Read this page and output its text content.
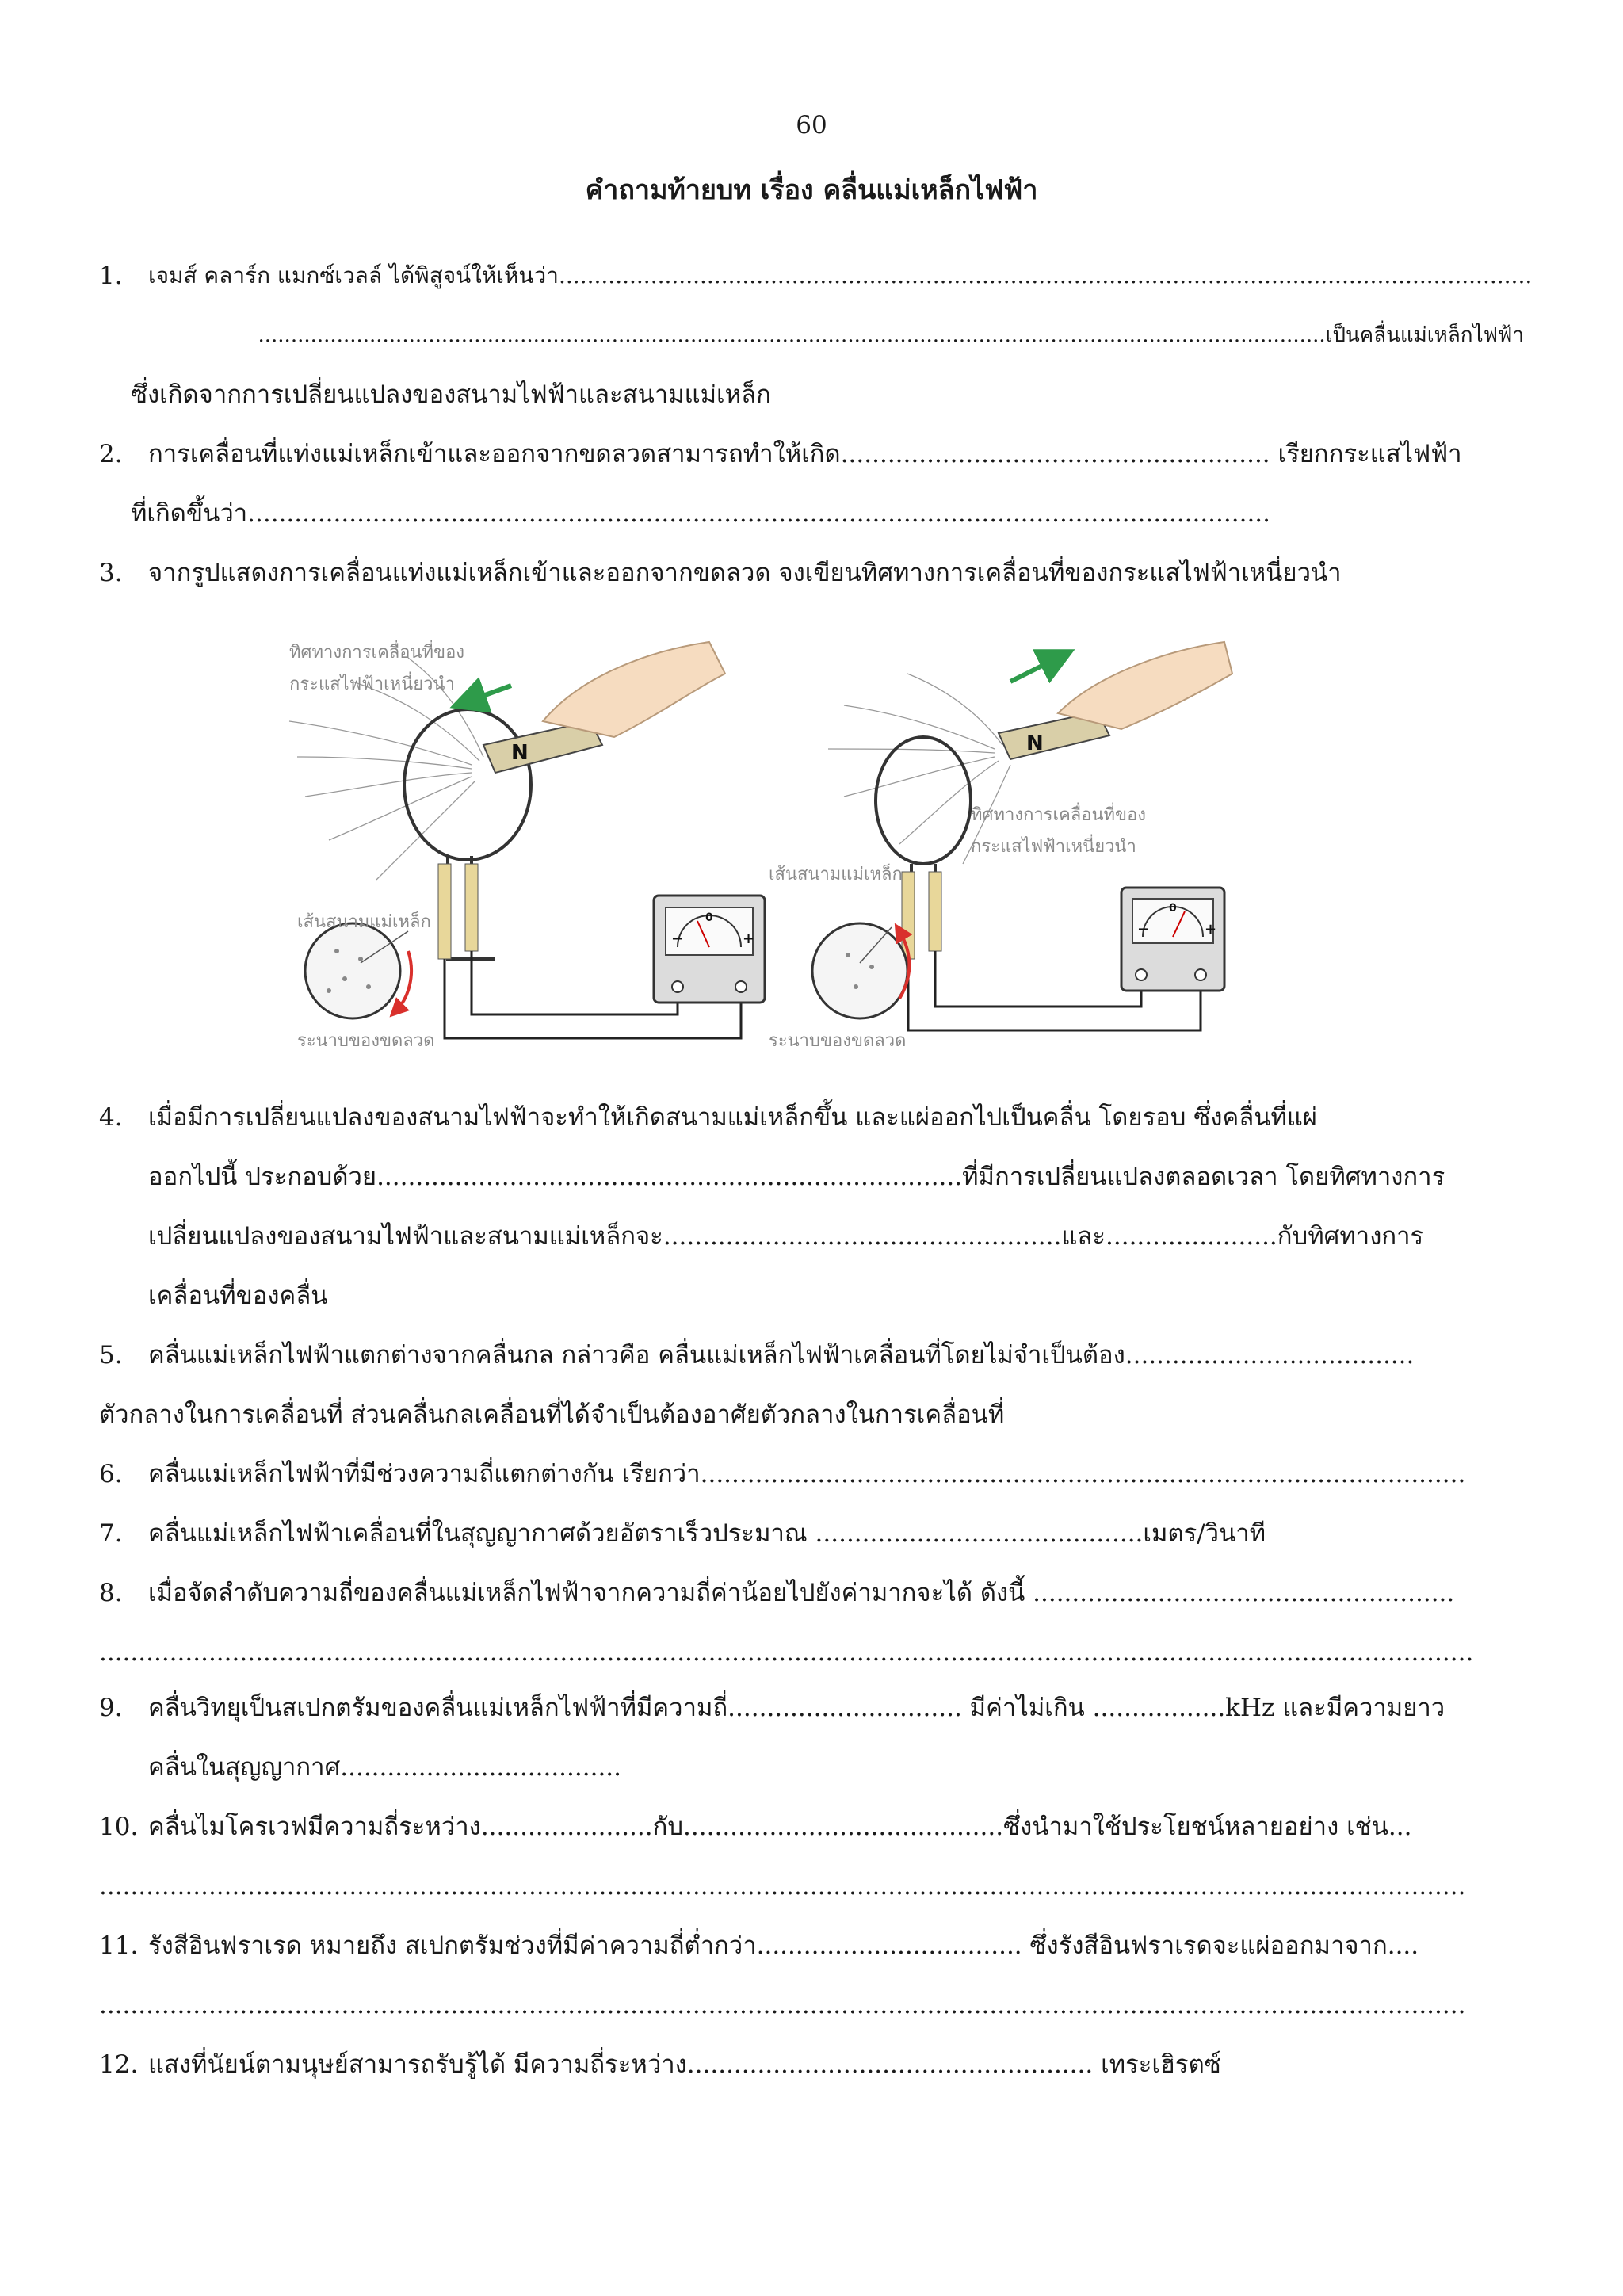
60
คำถามท้ายบท เรื่อง คลื่นแม่เหล็กไฟฟ้า
1. เจมส์ คลาร์ก แมกซ์เวลล์ ได้พิสูจน์ให้เห็นว่า..........................................................................................................................................
...................................................................................................................................................................เป็นคลื่นแม่เหล็กไฟฟ้า
ซึ่งเกิดจากการเปลี่ยนแปลงของสนามไฟฟ้าและสนามแม่เหล็ก
2. การเคลื่อนที่แท่งแม่เหล็กเข้าและออกจากขดลวดสามารถทำให้เกิด....................................................... เรียกกระแสไฟฟ้า
ที่เกิดขึ้นว่า...................................................................................................................................
3. จากรูปแสดงการเคลื่อนแท่งแม่เหล็กเข้าและออกจากขดลวด จงเขียนทิศทางการเคลื่อนที่ของกระแสไฟฟ้าเหนี่ยวนำ
−	+
0
N
ทิศทางการเคลื่อนที่ของ
กระแสไฟฟ้าเหนี่ยวนำ
เส้นสนามแม่เหล็ก
ระนาบของขดลวด
−	+
0
N
ทิศทางการเคลื่อนที่ของ
กระแสไฟฟ้าเหนี่ยวนำ
เส้นสนามแม่เหล็ก
ระนาบของขดลวด
4. เมื่อมีการเปลี่ยนแปลงของสนามไฟฟ้าจะทำให้เกิดสนามแม่เหล็กขึ้น และแผ่ออกไปเป็นคลื่น โดยรอบ ซึ่งคลื่นที่แผ่
ออกไปนี้ ประกอบด้วย...........................................................................ที่มีการเปลี่ยนแปลงตลอดเวลา โดยทิศทางการ
เปลี่ยนแปลงของสนามไฟฟ้าและสนามแม่เหล็กจะ...................................................และ......................กับทิศทางการ
เคลื่อนที่ของคลื่น
5. คลื่นแม่เหล็กไฟฟ้าแตกต่างจากคลื่นกล กล่าวคือ คลื่นแม่เหล็กไฟฟ้าเคลื่อนที่โดยไม่จำเป็นต้อง.....................................
ตัวกลางในการเคลื่อนที่ ส่วนคลื่นกลเคลื่อนที่ได้จำเป็นต้องอาศัยตัวกลางในการเคลื่อนที่
6. คลื่นแม่เหล็กไฟฟ้าที่มีช่วงความถี่แตกต่างกัน เรียกว่า..................................................................................................
7. คลื่นแม่เหล็กไฟฟ้าเคลื่อนที่ในสุญญากาศด้วยอัตราเร็วประมาณ ..........................................เมตร/วินาที
8. เมื่อจัดลำดับความถี่ของคลื่นแม่เหล็กไฟฟ้าจากความถี่ค่าน้อยไปยังค่ามากจะได้ ดังนี้ ......................................................
................................................................................................................................................................................
9. คลื่นวิทยุเป็นสเปกตรัมของคลื่นแม่เหล็กไฟฟ้าที่มีความถี่.............................. มีค่าไม่เกิน .................kHz และมีความยาว
คลื่นในสุญญากาศ....................................
10. คลื่นไมโครเวฟมีความถี่ระหว่าง......................กับ.........................................ซึ่งนำมาใช้ประโยชน์หลายอย่าง เช่น...
...............................................................................................................................................................................
11. รังสีอินฟราเรด หมายถึง สเปกตรัมช่วงที่มีค่าความถี่ต่ำกว่า.................................. ซึ่งรังสีอินฟราเรดจะแผ่ออกมาจาก....
...............................................................................................................................................................................
12. แสงที่นัยน์ตามนุษย์สามารถรับรู้ได้ มีความถี่ระหว่าง.................................................... เทระเฮิรตซ์
